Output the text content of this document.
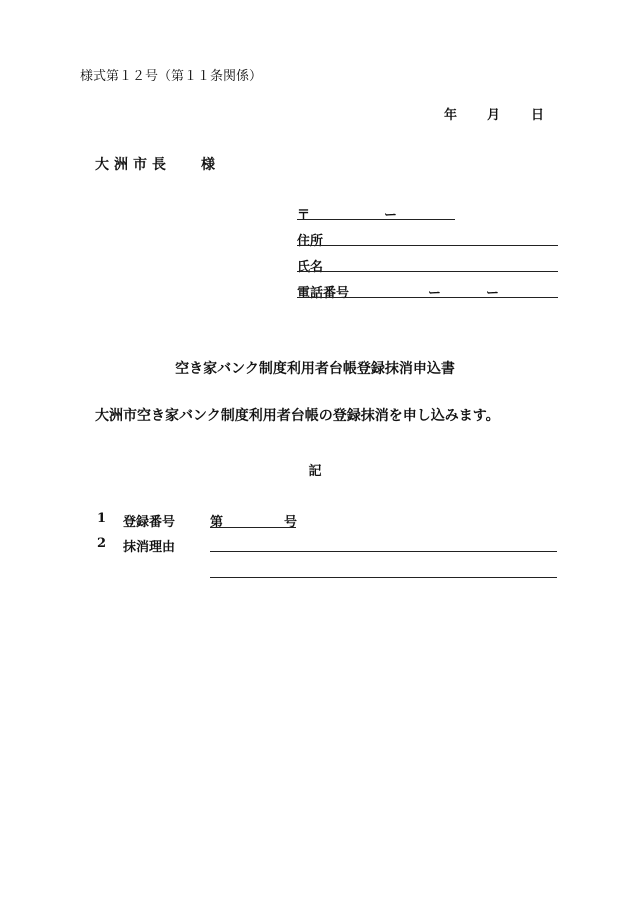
様式第１２号（第１１条関係）
年 月 日
大洲市長 様
〒	ー
住所
氏名
電話番号	ー	ー
空き家バンク制度利用者台帳登録抹消申込書
大洲市空き家バンク制度利用者台帳の登録抹消を申し込みます。
記
1 登録番号	第	号
2 抹消理由
